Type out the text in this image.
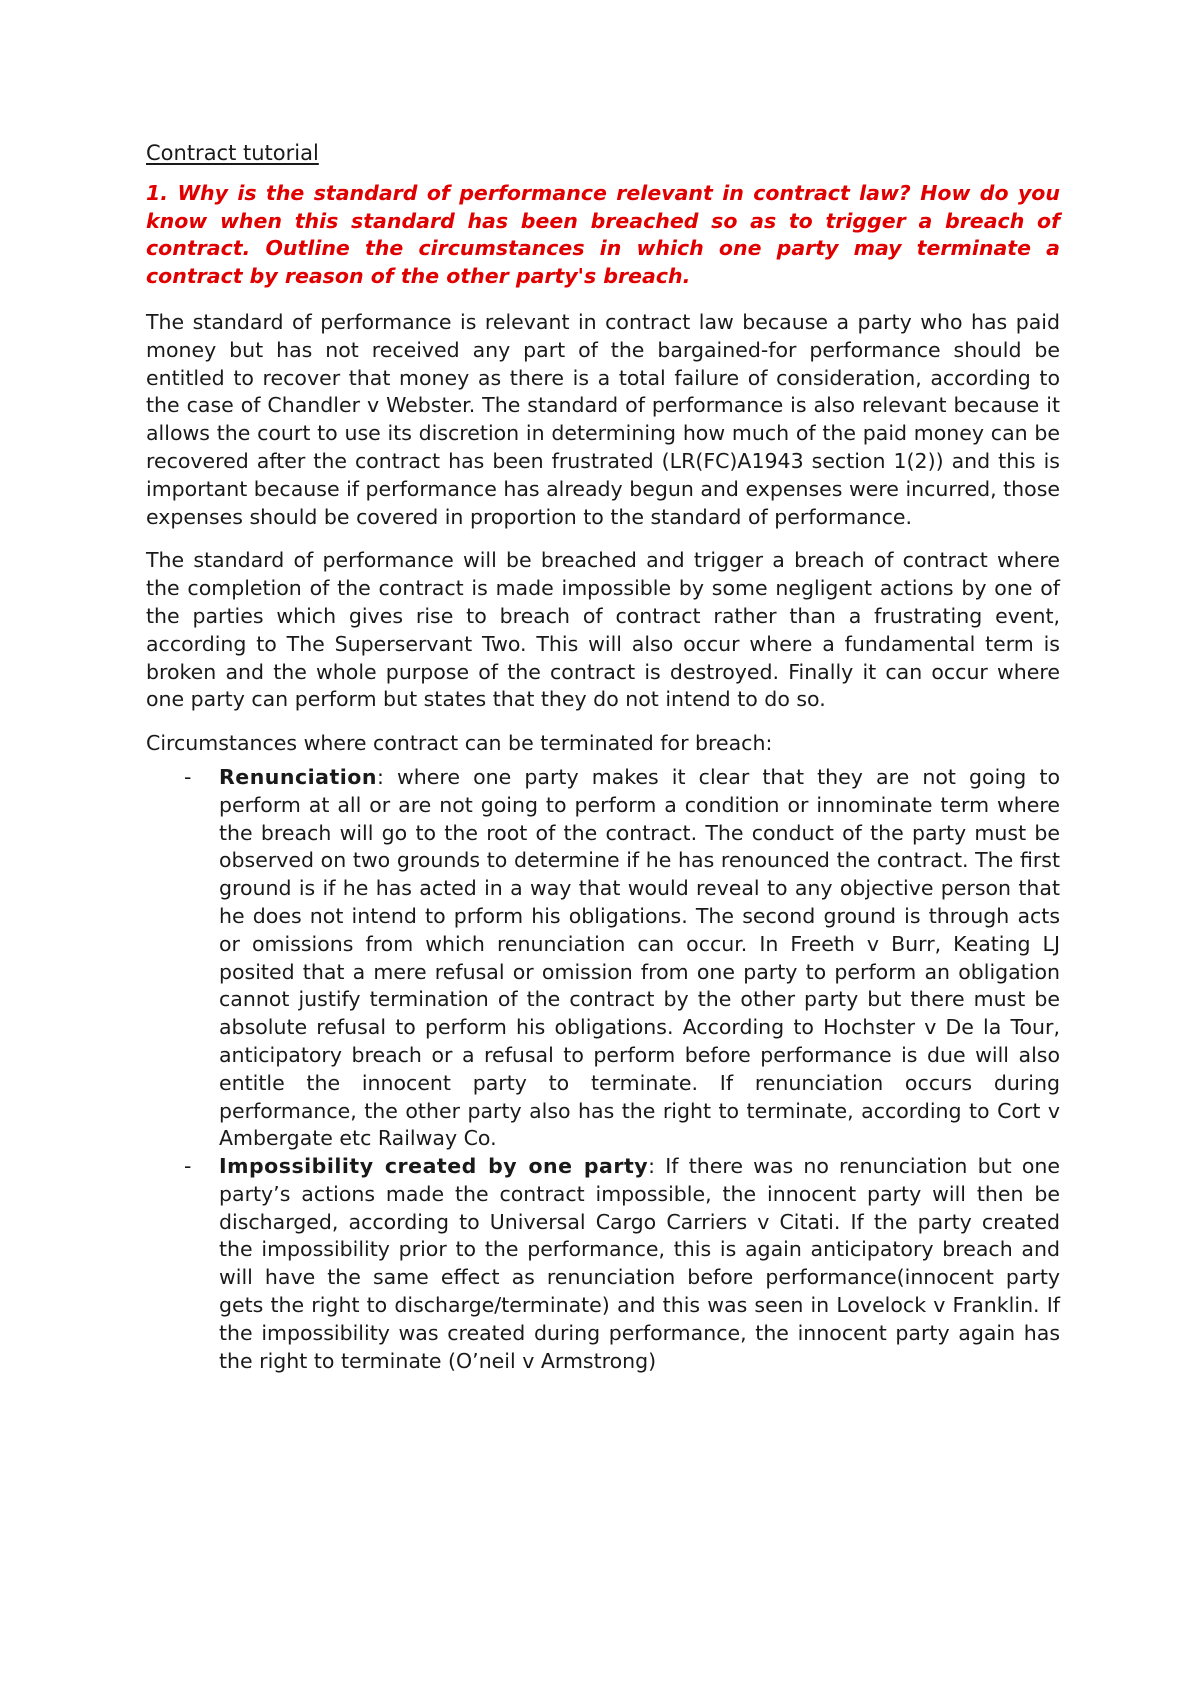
Contract tutorial

1. Why is the standard of performance relevant in contract law? How do you know when this standard has been breached so as to trigger a breach of contract. Outline the circumstances in which one party may terminate a contract by reason of the other party's breach.

The standard of performance is relevant in contract law because a party who has paid money but has not received any part of the bargained-for performance should be entitled to recover that money as there is a total failure of consideration, according to the case of Chandler v Webster. The standard of performance is also relevant because it allows the court to use its discretion in determining how much of the paid money can be recovered after the contract has been frustrated (LR(FC)A1943 section 1(2)) and this is important because if performance has already begun and expenses were incurred, those expenses should be covered in proportion to the standard of performance.

The standard of performance will be breached and trigger a breach of contract where the completion of the contract is made impossible by some negligent actions by one of the parties which gives rise to breach of contract rather than a frustrating event, according to The Superservant Two. This will also occur where a fundamental term is broken and the whole purpose of the contract is destroyed. Finally it can occur where one party can perform but states that they do not intend to do so.

Circumstances where contract can be terminated for breach:

- Renunciation: where one party makes it clear that they are not going to perform at all or are not going to perform a condition or innominate term where the breach will go to the root of the contract. The conduct of the party must be observed on two grounds to determine if he has renounced the contract. The first ground is if he has acted in a way that would reveal to any objective person that he does not intend to prform his obligations. The second ground is through acts or omissions from which renunciation can occur. In Freeth v Burr, Keating LJ posited that a mere refusal or omission from one party to perform an obligation cannot justify termination of the contract by the other party but there must be absolute refusal to perform his obligations. According to Hochster v De la Tour, anticipatory breach or a refusal to perform before performance is due will also entitle the innocent party to terminate. If renunciation occurs during performance, the other party also has the right to terminate, according to Cort v Ambergate etc Railway Co.
- Impossibility created by one party: If there was no renunciation but one party’s actions made the contract impossible, the innocent party will then be discharged, according to Universal Cargo Carriers v Citati. If the party created the impossibility prior to the performance, this is again anticipatory breach and will have the same effect as renunciation before performance(innocent party gets the right to discharge/terminate) and this was seen in Lovelock v Franklin. If the impossibility was created during performance, the innocent party again has the right to terminate (O’neil v Armstrong)
